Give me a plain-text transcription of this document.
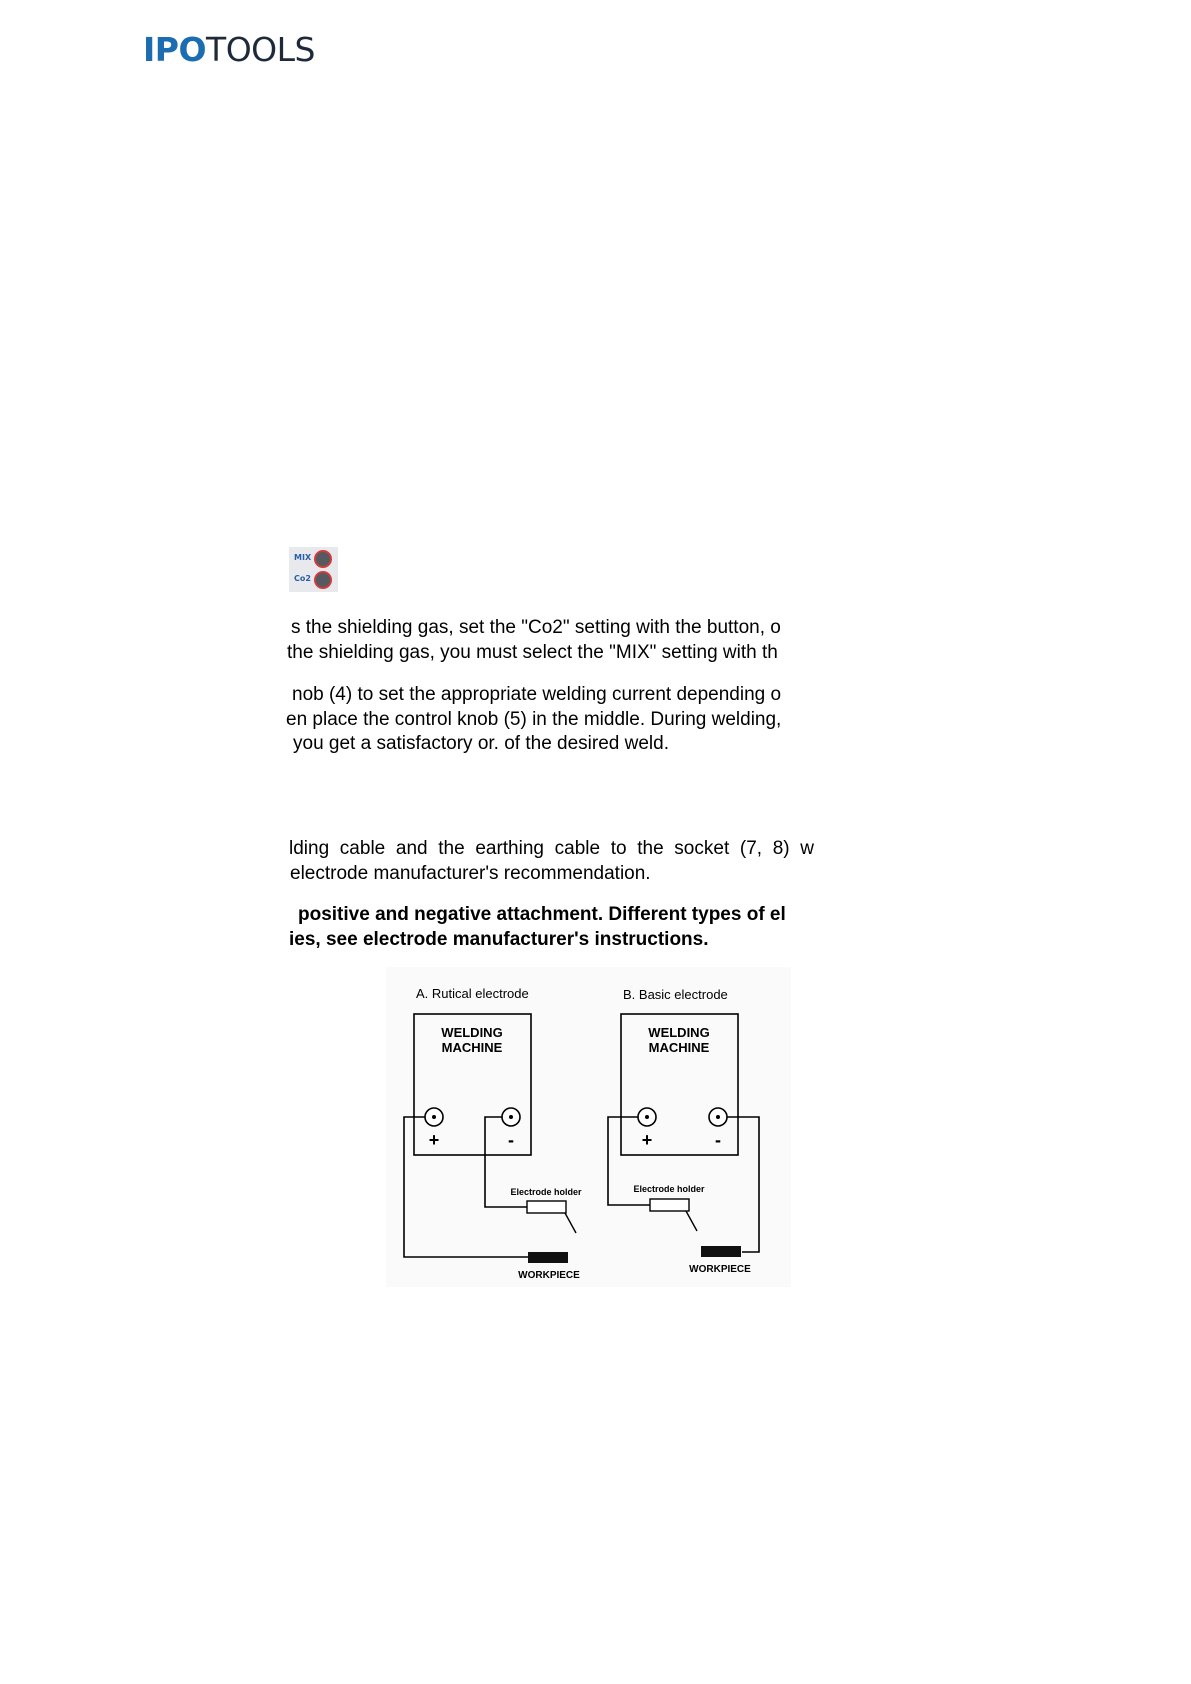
IPOTOOLS
MIX
Co2
s the shielding gas, set the "Co2" setting with the button, o
the shielding gas, you must select the "MIX" setting with th
nob (4) to set the appropriate welding current depending o
en place the control knob (5) in the middle. During welding,
you get a satisfactory or. of the desired weld.
lding cable and the earthing cable to the socket (7, 8) w
electrode manufacturer's recommendation.
positive and negative attachment. Different types of el
ies, see electrode manufacturer's instructions.
A. Rutical electrode
WELDING
MACHINE
+	-
Electrode holder
WORKPIECE
B. Basic electrode
WELDING
MACHINE
+	-
Electrode holder
WORKPIECE
